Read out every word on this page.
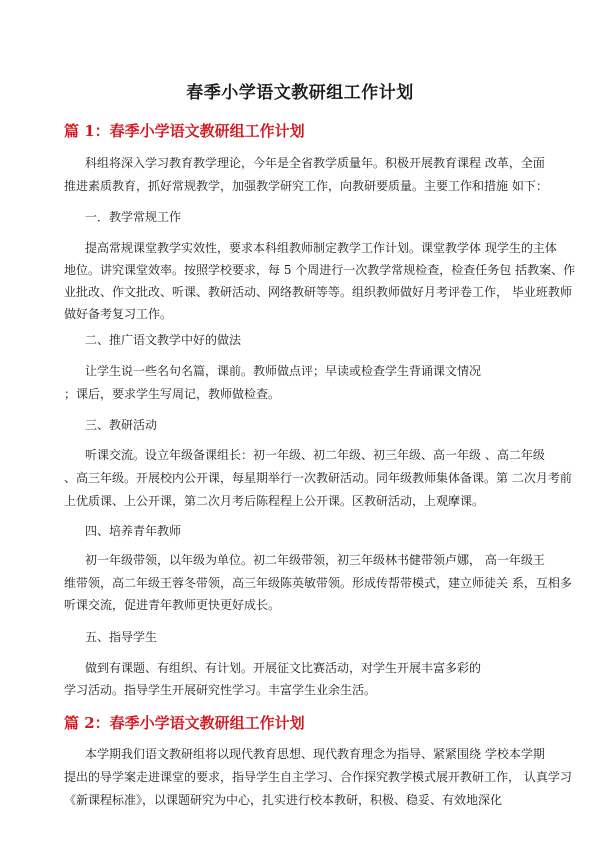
春季小学语文教研组工作计划
篇 1：春季小学语文教研组工作计划
科组将深入学习教育教学理论，今年是全省教学质量年。积极开展教育课程 改革，全面
推进素质教育，抓好常规教学，加强教学研究工作，向教研要质量。主要工作和措施 如下：
一．教学常规工作
提高常规课堂教学实效性，要求本科组教师制定教学工作计划。课堂教学体 现学生的主体
地位。讲究课堂效率。按照学校要求，每 5 个周进行一次教学常规检查，检查任务包 括教案、作
业批改、作文批改、听课、教研活动、网络教研等等。组织教师做好月考评卷工作， 毕业班教师
做好备考复习工作。
二、推广语文教学中好的做法
让学生说一些名句名篇，课前。教师做点评；早读或检查学生背诵课文情况
；课后，要求学生写周记，教师做检查。
三、教研活动
听课交流。设立年级备课组长：初一年级、初二年级、初三年级、高一年级 、高二年级
、高三年级。开展校内公开课，每星期举行一次教研活动。同年级教师集体备课。第 二次月考前
上优质课、上公开课，第二次月考后陈程程上公开课。区教研活动，上观摩课。
四、培养青年教师
初一年级带领，以年级为单位。初二年级带领，初三年级林书健带领卢娜， 高一年级王
维带领，高二年级王蓉冬带领，高三年级陈英敏带领。形成传帮带模式，建立师徒关 系，互相多
听课交流，促进青年教师更快更好成长。
五、指导学生
做到有课题、有组织、有计划。开展征文比赛活动，对学生开展丰富多彩的
学习活动。指导学生开展研究性学习。丰富学生业余生活。
篇 2：春季小学语文教研组工作计划
本学期我们语文教研组将以现代教育思想、现代教育理念为指导、紧紧围绕 学校本学期
提出的导学案走进课堂的要求，指导学生自主学习、合作探究教学模式展开教研工作， 认真学习
《新课程标准》，以课题研究为中心，扎实进行校本教研，积极、稳妥、有效地深化
